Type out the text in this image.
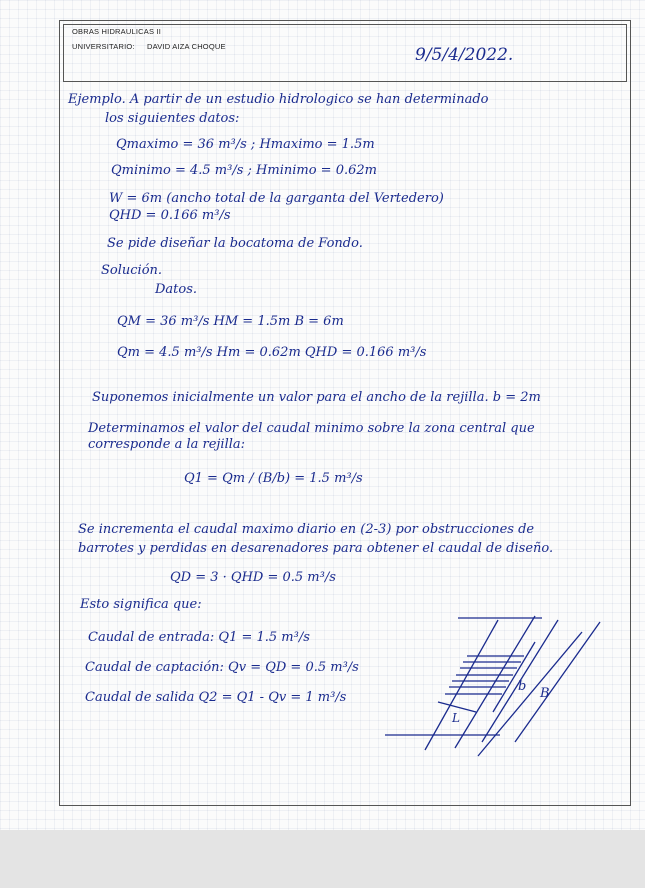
OBRAS HIDRAULICAS II
UNIVERSITARIO: DAVID AIZA CHOQUE	9/5/4/2022.
Ejemplo. A partir de un estudio hidrologico se han determinado
los siguientes datos:
Qmaximo = 36 m³/s ; Hmaximo = 1.5m
Qminimo = 4.5 m³/s ; Hminimo = 0.62m
W = 6m (ancho total de la garganta del Vertedero)
QHD = 0.166 m³/s
Se pide diseñar la bocatoma de Fondo.
Solución.
Datos.
QM = 36 m³/s HM = 1.5m B = 6m
Qm = 4.5 m³/s Hm = 0.62m QHD = 0.166 m³/s
Suponemos inicialmente un valor para el ancho de la rejilla. b = 2m
Determinamos el valor del caudal minimo sobre la zona central que
corresponde a la rejilla:
Q1 = Qm / (B/b) = 1.5 m³/s
Se incrementa el caudal maximo diario en (2-3) por obstrucciones de
barrotes y perdidas en desarenadores para obtener el caudal de diseño.
QD = 3 · QHD = 0.5 m³/s
Esto significa que:
Caudal de entrada: Q1 = 1.5 m³/s
Caudal de captación: Qv = QD = 0.5 m³/s
Caudal de salida Q2 = Q1 - Qv = 1 m³/s
b B
L
